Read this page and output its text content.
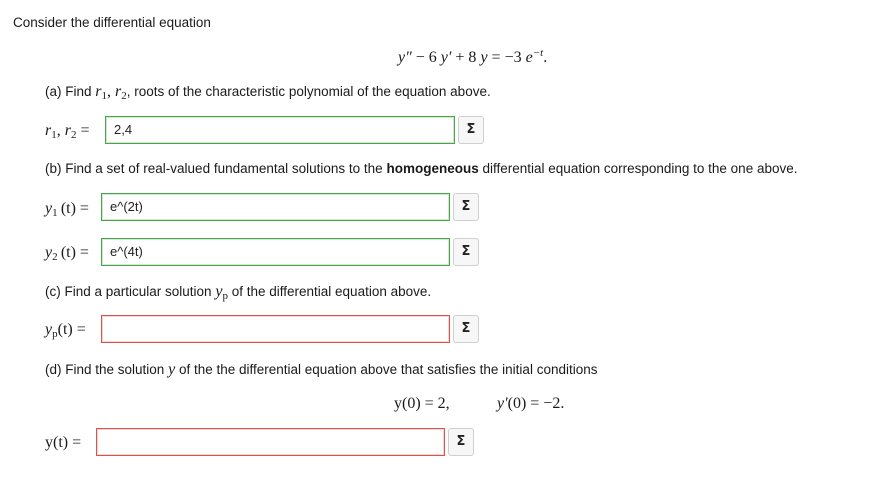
Consider the differential equation
y″ − 6 y′ + 8 y = −3 $e^{-t}$.
(a) Find $r_1$, $r_2$, roots of the characteristic polynomial of the equation above.
$r_1$, $r_2$ =	2,4	Σ
(b) Find a set of real-valued fundamental solutions to the homogeneous differential equation corresponding to the one above.
$y_1$  (t) =	e^(2t)	Σ
$y_2$  (t) =	e^(4t)	Σ
(c) Find a particular solution $y_p$ of the differential equation above.
$y_p(t)$ =	Σ
(d) Find the solution y of the the differential equation above that satisfies the initial conditions
y(0) = 2,	y′(0) = −2.
y(t) =	Σ
